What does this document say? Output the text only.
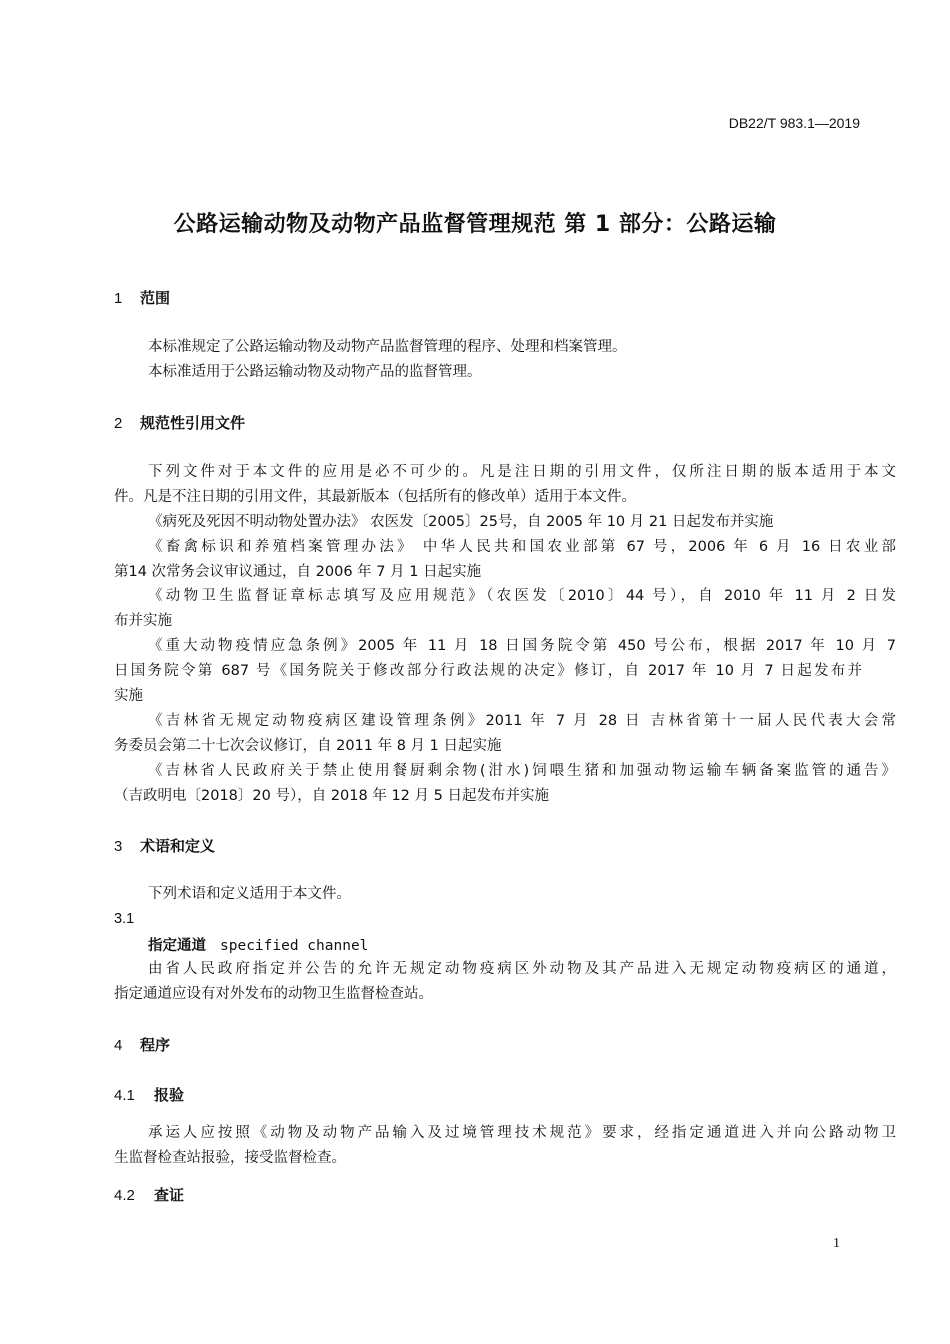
DB22/T 983.1—2019
公路运输动物及动物产品监督管理规范 第 1 部分：公路运输
1 范围
本标准规定了公路运输动物及动物产品监督管理的程序、处理和档案管理。
本标准适用于公路运输动物及动物产品的监督管理。
2 规范性引用文件
下列文件对于本文件的应用是必不可少的。凡是注日期的引用文件，仅所注日期的版本适用于本文
件。凡是不注日期的引用文件，其最新版本（包括所有的修改单）适用于本文件。
《病死及死因不明动物处置办法》 农医发〔2005〕25号，自 2005 年 10 月 21 日起发布并实施
《畜禽标识和养殖档案管理办法》 中华人民共和国农业部第 67 号，2006 年 6 月 16 日农业部
第14 次常务会议审议通过，自 2006 年 7 月 1 日起实施
《动物卫生监督证章标志填写及应用规范》（农医发〔2010〕44 号），自 2010 年 11 月 2 日发
布并实施
《重大动物疫情应急条例》2005 年 11 月 18 日国务院令第 450 号公布，根据 2017 年 10 月 7
日国务院令第 687 号《国务院关于修改部分行政法规的决定》修订，自 2017 年 10 月 7 日起发布并
实施
《吉林省无规定动物疫病区建设管理条例》2011 年 7 月 28 日 吉林省第十一届人民代表大会常
务委员会第二十七次会议修订，自 2011 年 8 月 1 日起实施
《吉林省人民政府关于禁止使用餐厨剩余物(泔水)饲喂生猪和加强动物运输车辆备案监管的通告》
（吉政明电〔2018〕20 号），自 2018 年 12 月 5 日起发布并实施
3 术语和定义
下列术语和定义适用于本文件。
3.1
指定通道 specified channel
由省人民政府指定并公告的允许无规定动物疫病区外动物及其产品进入无规定动物疫病区的通道，
指定通道应设有对外发布的动物卫生监督检查站。
4 程序
4.1 报验
承运人应按照《动物及动物产品输入及过境管理技术规范》要求，经指定通道进入并向公路动物卫
生监督检查站报验，接受监督检查。
4.2 查证
1
